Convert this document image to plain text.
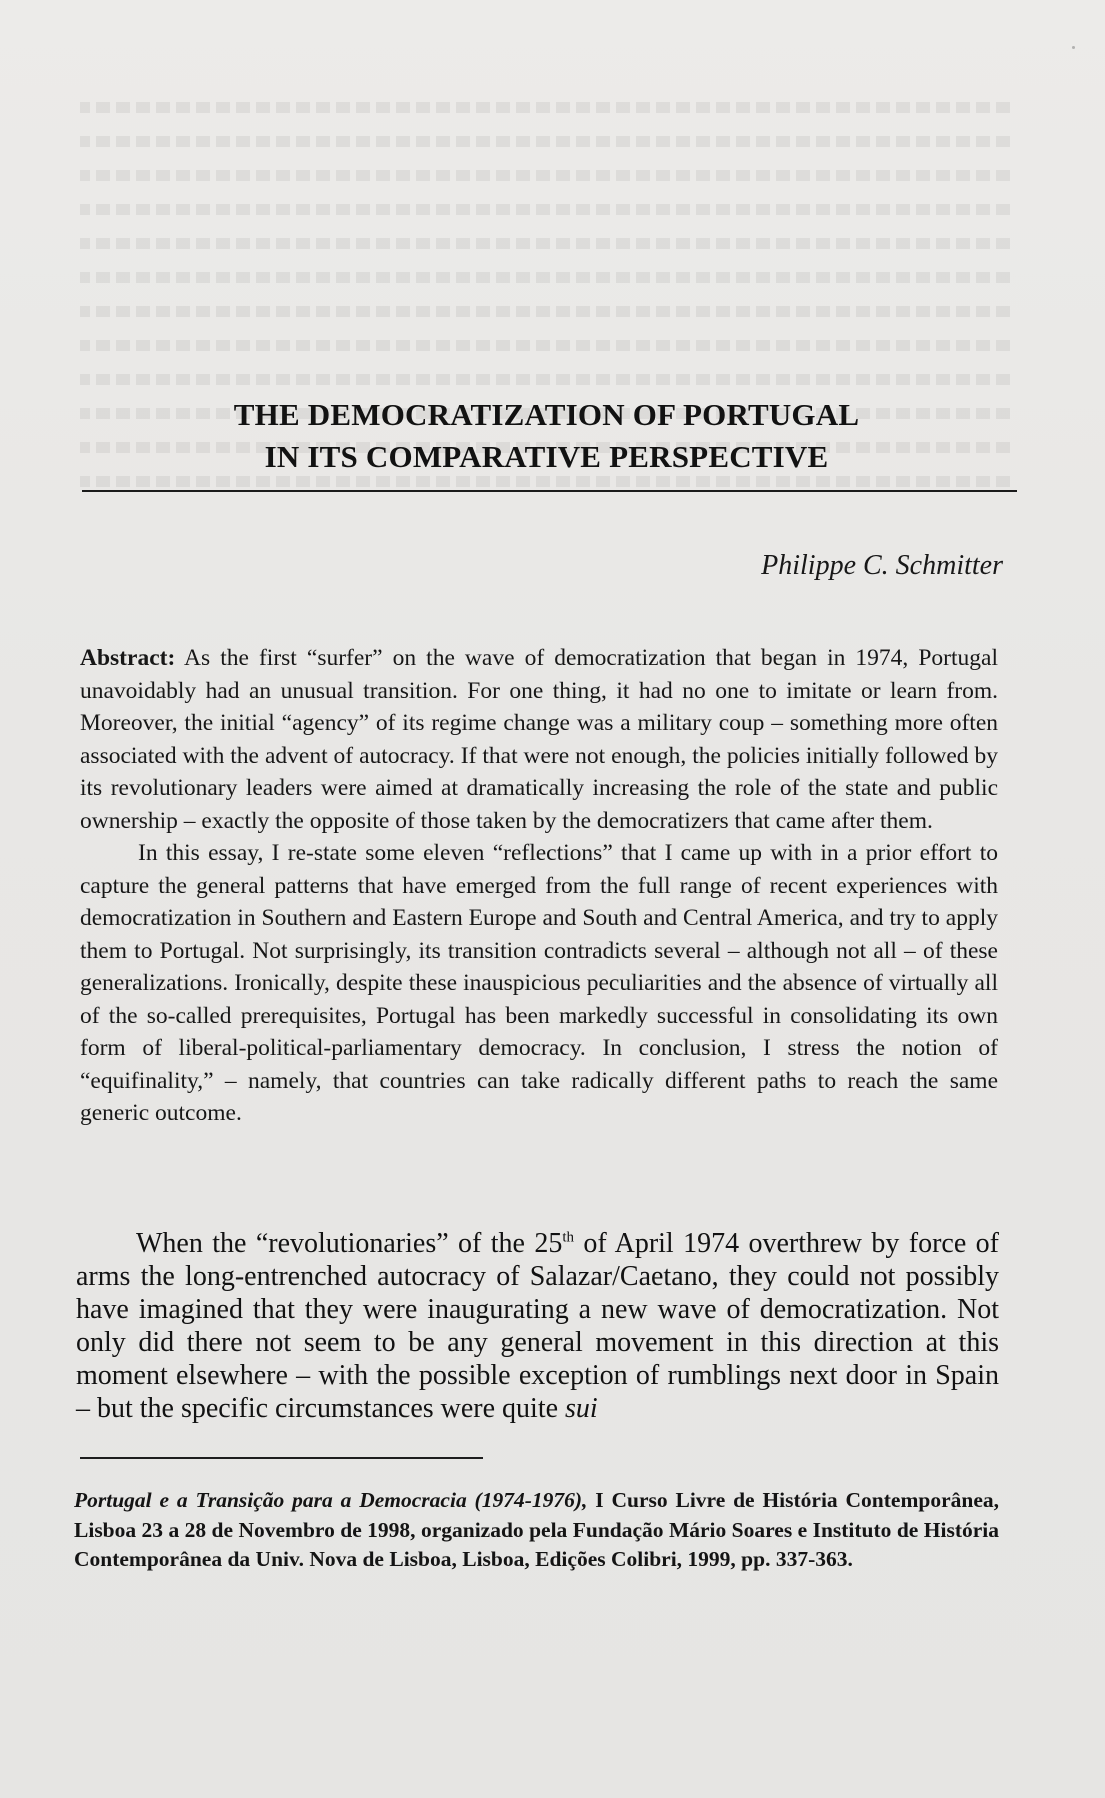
THE DEMOCRATIZATION OF PORTUGAL
IN ITS COMPARATIVE PERSPECTIVE
Philippe C. Schmitter

Abstract: As the first “surfer” on the wave of democratization that began in 1974, Portugal unavoidably had an unusual transition. For one thing, it had no one to imitate or learn from. Moreover, the initial “agency” of its regime change was a military coup – something more often associated with the advent of autocracy. If that were not enough, the policies initially followed by its revolutionary leaders were aimed at dramatically increasing the role of the state and public ownership – exactly the opposite of those taken by the democratizers that came after them.

In this essay, I re-state some eleven “reflections” that I came up with in a prior effort to capture the general patterns that have emerged from the full range of recent experiences with democratization in Southern and Eastern Europe and South and Central America, and try to apply them to Portugal. Not surprisingly, its transition contradicts several – although not all – of these generalizations. Ironically, despite these inauspicious peculiarities and the absence of virtually all of the so-called prerequisites, Portugal has been markedly successful in consolidating its own form of liberal-political-parliamentary democracy. In conclusion, I stress the notion of “equifinality,” – namely, that countries can take radically different paths to reach the same generic outcome.

When the “revolutionaries” of the 25th of April 1974 overthrew by force of arms the long-entrenched autocracy of Salazar/Caetano, they could not possibly have imagined that they were inaugurating a new wave of democratization. Not only did there not seem to be any general movement in this direction at this moment elsewhere – with the possible exception of rumblings next door in Spain – but the specific circumstances were quite sui
Portugal e a Transição para a Democracia (1974-1976), I Curso Livre de História Contemporânea, Lisboa 23 a 28 de Novembro de 1998, organizado pela Fundação Mário Soares e Instituto de História Contemporânea da Univ. Nova de Lisboa, Lisboa, Edições Colibri, 1999, pp. 337-363.
